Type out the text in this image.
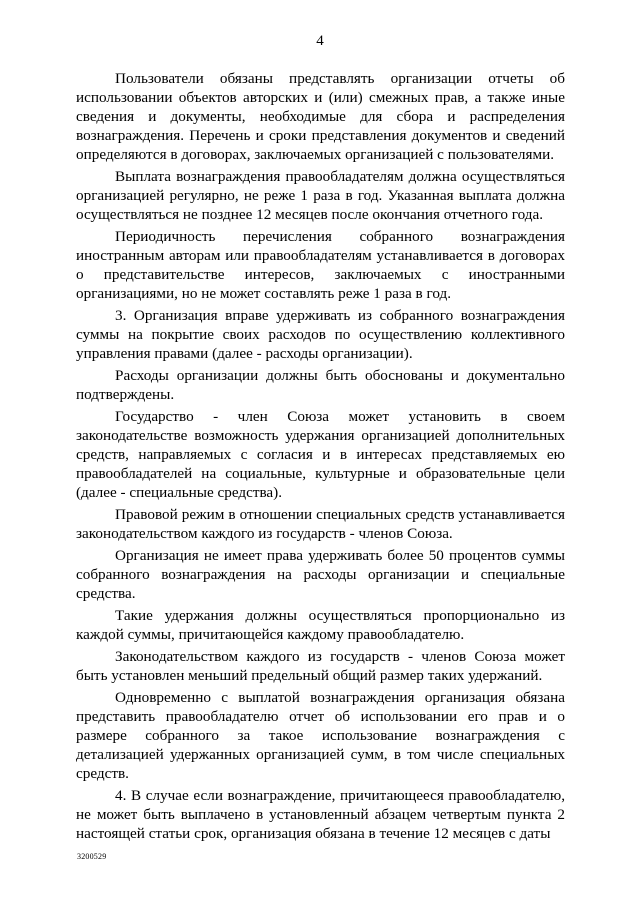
4

Пользователи обязаны представлять организации отчеты об использовании объектов авторских и (или) смежных прав, а также иные сведения и документы, необходимые для сбора и распределения вознаграждения. Перечень и сроки представления документов и сведений определяются в договорах, заключаемых организацией с пользователями.

Выплата вознаграждения правообладателям должна осуществляться организацией регулярно, не реже 1 раза в год. Указанная выплата должна осуществляться не позднее 12 месяцев после окончания отчетного года.

Периодичность перечисления собранного вознаграждения иностранным авторам или правообладателям устанавливается в договорах о представительстве интересов, заключаемых с иностранными организациями, но не может составлять реже 1 раза в год.

3. Организация вправе удерживать из собранного вознаграждения суммы на покрытие своих расходов по осуществлению коллективного управления правами (далее - расходы организации).

Расходы организации должны быть обоснованы и документально подтверждены.

Государство - член Союза может установить в своем законодательстве возможность удержания организацией дополнительных средств, направляемых с согласия и в интересах представляемых ею правообладателей на социальные, культурные и образовательные цели (далее - специальные средства).

Правовой режим в отношении специальных средств устанавливается законодательством каждого из государств - членов Союза.

Организация не имеет права удерживать более 50 процентов суммы собранного вознаграждения на расходы организации и специальные средства.

Такие удержания должны осуществляться пропорционально из каждой суммы, причитающейся каждому правообладателю.

Законодательством каждого из государств - членов Союза может быть установлен меньший предельный общий размер таких удержаний.

Одновременно с выплатой вознаграждения организация обязана представить правообладателю отчет об использовании его прав и о размере собранного за такое использование вознаграждения с детализацией удержанных организацией сумм, в том числе специальных средств.

4. В случае если вознаграждение, причитающееся правообладателю, не может быть выплачено в установленный абзацем четвертым пункта 2 настоящей статьи срок, организация обязана в течение 12 месяцев с даты

3200529
